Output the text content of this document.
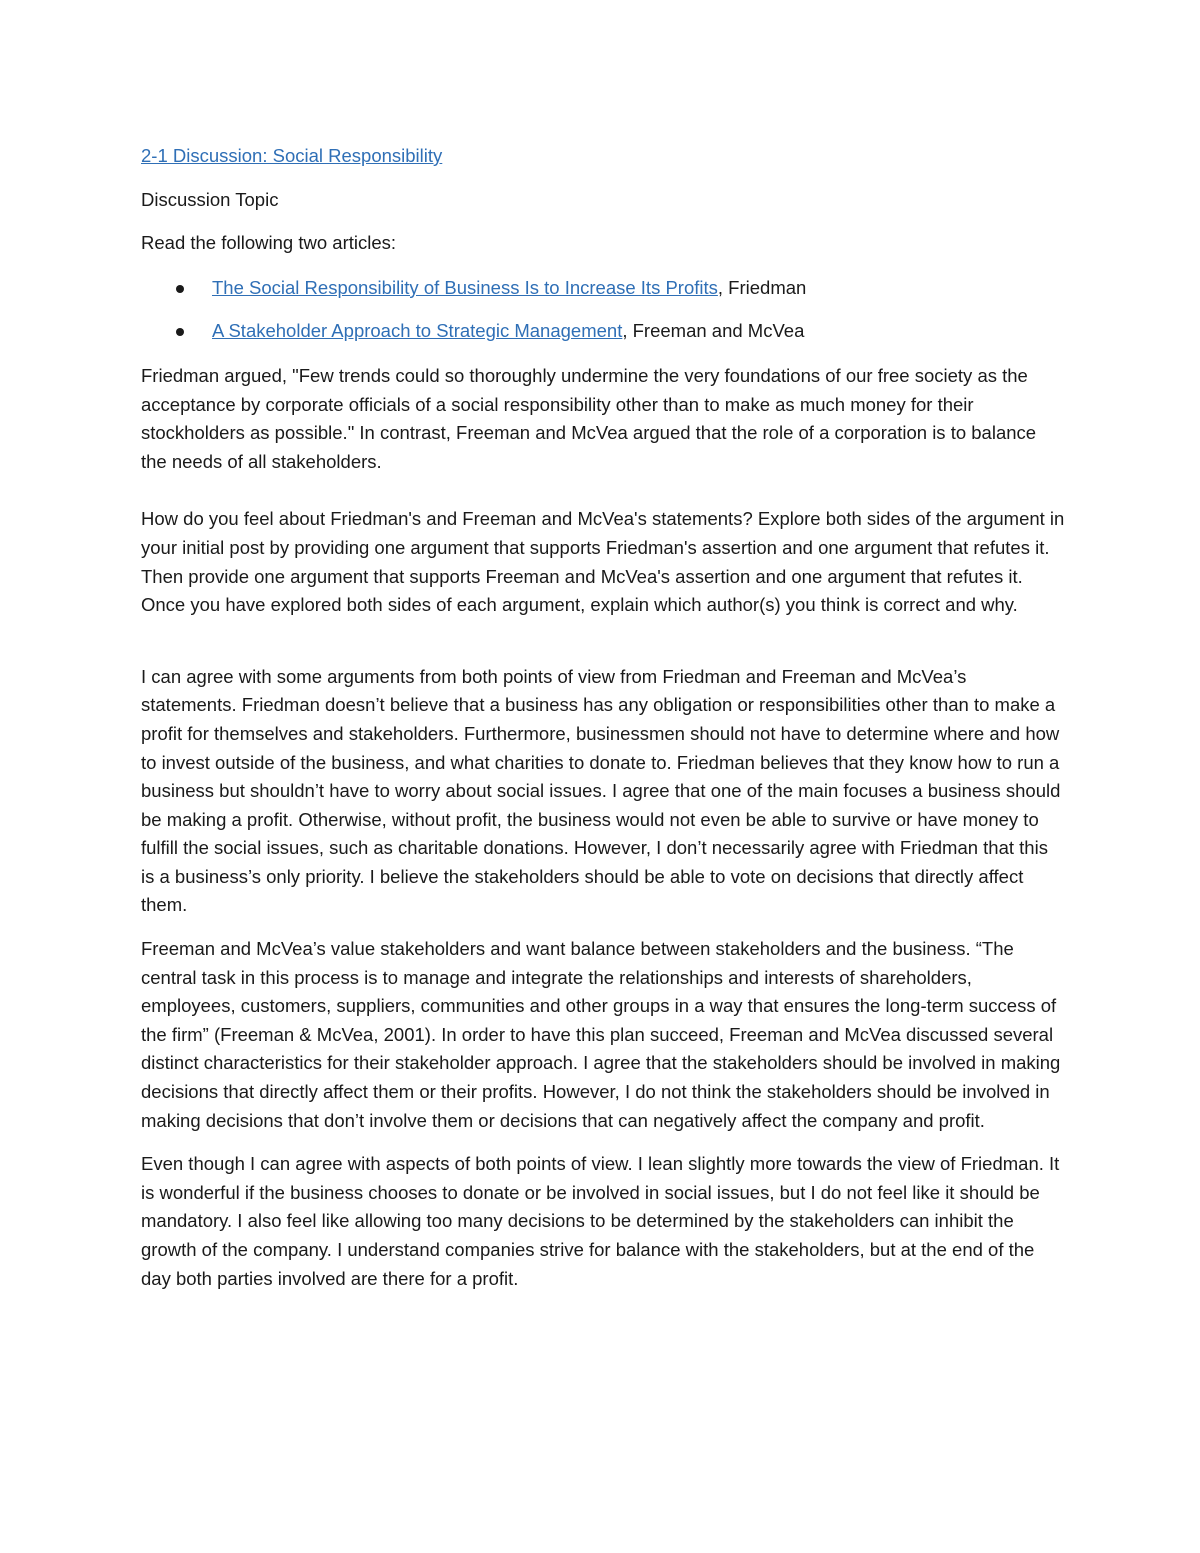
2-1 Discussion: Social Responsibility

Discussion Topic

Read the following two articles:

The Social Responsibility of Business Is to Increase Its Profits, Friedman
A Stakeholder Approach to Strategic Management, Freeman and McVea

Friedman argued, "Few trends could so thoroughly undermine the very foundations of our free society as the acceptance by corporate officials of a social responsibility other than to make as much money for their stockholders as possible." In contrast, Freeman and McVea argued that the role of a corporation is to balance the needs of all stakeholders.

How do you feel about Friedman's and Freeman and McVea's statements? Explore both sides of the argument in your initial post by providing one argument that supports Friedman's assertion and one argument that refutes it. Then provide one argument that supports Freeman and McVea's assertion and one argument that refutes it. Once you have explored both sides of each argument, explain which author(s) you think is correct and why.

I can agree with some arguments from both points of view from Friedman and Freeman and McVea’s statements. Friedman doesn’t believe that a business has any obligation or responsibilities other than to make a profit for themselves and stakeholders. Furthermore, businessmen should not have to determine where and how to invest outside of the business, and what charities to donate to. Friedman believes that they know how to run a business but shouldn’t have to worry about social issues. I agree that one of the main focuses a business should be making a profit. Otherwise, without profit, the business would not even be able to survive or have money to fulfill the social issues, such as charitable donations. However, I don’t necessarily agree with Friedman that this is a business’s only priority. I believe the stakeholders should be able to vote on decisions that directly affect them.

Freeman and McVea’s value stakeholders and want balance between stakeholders and the business. “The central task in this process is to manage and integrate the relationships and interests of shareholders, employees, customers, suppliers, communities and other groups in a way that ensures the long-term success of the firm” (Freeman & McVea, 2001). In order to have this plan succeed, Freeman and McVea discussed several distinct characteristics for their stakeholder approach. I agree that the stakeholders should be involved in making decisions that directly affect them or their profits. However, I do not think the stakeholders should be involved in making decisions that don’t involve them or decisions that can negatively affect the company and profit.

Even though I can agree with aspects of both points of view. I lean slightly more towards the view of Friedman. It is wonderful if the business chooses to donate or be involved in social issues, but I do not feel like it should be mandatory. I also feel like allowing too many decisions to be determined by the stakeholders can inhibit the growth of the company. I understand companies strive for balance with the stakeholders, but at the end of the day both parties involved are there for a profit.
